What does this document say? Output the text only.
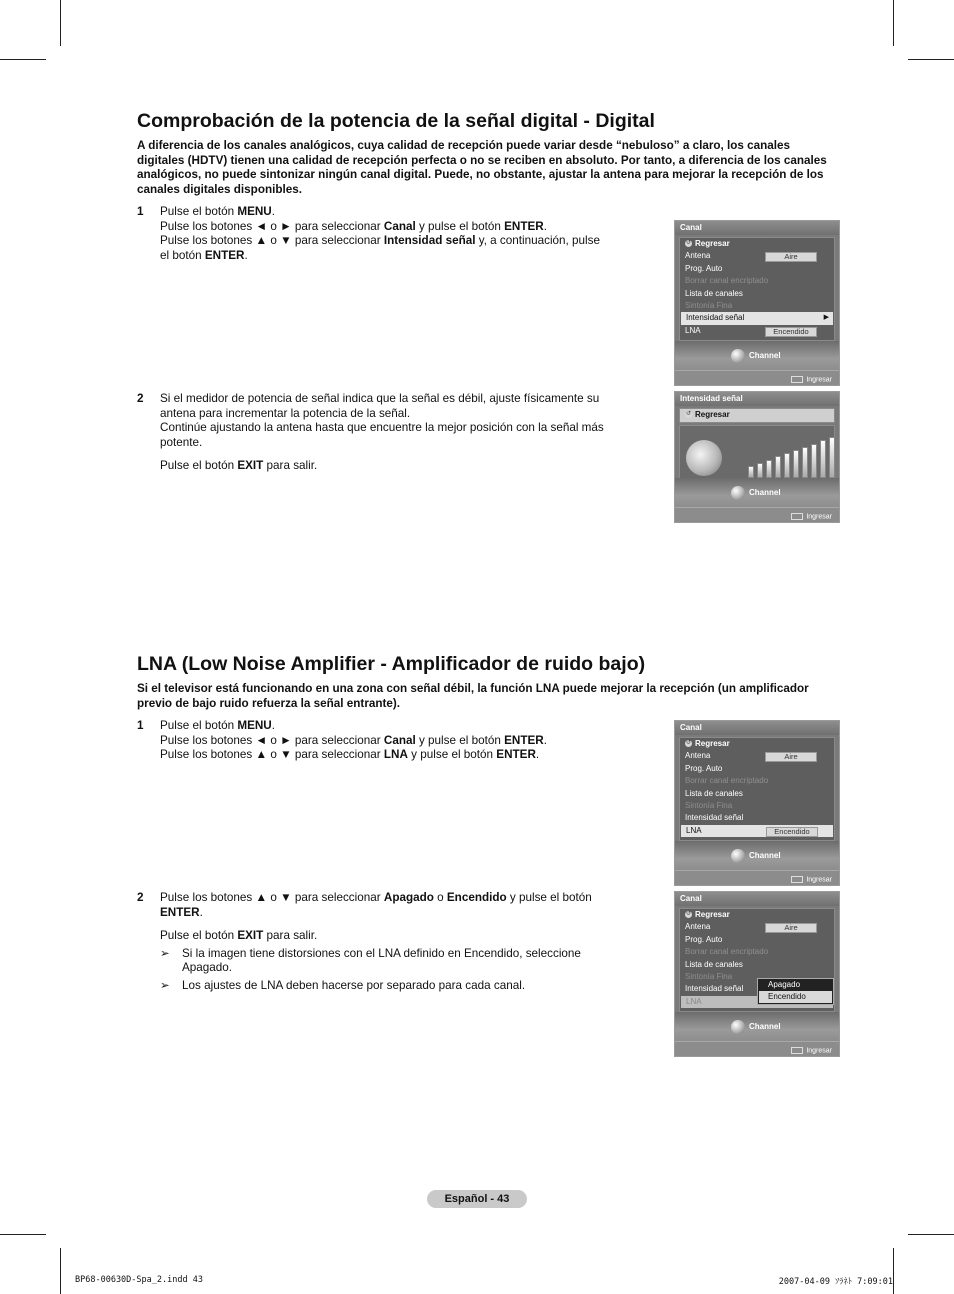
Comprobación de la potencia de la señal digital - Digital

A diferencia de los canales analógicos, cuya calidad de recepción puede variar desde “nebuloso” a claro, los canales digitales (HDTV) tienen una calidad de recepción perfecta o no se reciben en absoluto. Por tanto, a diferencia de los canales analógicos, no puede sintonizar ningún canal digital. Puede, no obstante, ajustar la antena para mejorar la recepción de los canales digitales disponibles.

1 Pulse el botón MENU.

Pulse los botones ◄ o ► para seleccionar Canal y pulse el botón ENTER.

Pulse los botones ▲ o ▼ para seleccionar Intensidad señal y, a continuación, pulse el botón ENTER.

2 Si el medidor de potencia de señal indica que la señal es débil, ajuste físicamente su antena para incrementar la potencia de la señal.

Continúe ajustando la antena hasta que encuentre la mejor posición con la señal más potente.

Pulse el botón EXIT para salir.

Canal
↺ Regresar
Antena	Aire
Prog. Auto
Borrar canal encriptado
Lista de canales
Sintonía Fina
Intensidad señal	▶
LNA	Encendido
Channel
Ingresar
Intensidad señal
↺ Regresar
Channel
Ingresar
LNA (Low Noise Amplifier - Amplificador de ruido bajo)

Si el televisor está funcionando en una zona con señal débil, la función LNA puede mejorar la recepción (un amplificador previo de bajo ruido refuerza la señal entrante).

1 Pulse el botón MENU.

Pulse los botones ◄ o ► para seleccionar Canal y pulse el botón ENTER.

Pulse los botones ▲ o ▼ para seleccionar LNA y pulse el botón ENTER.

2 Pulse los botones ▲ o ▼ para seleccionar Apagado o Encendido y pulse el botón ENTER.

Pulse el botón EXIT para salir.

➢ Si la imagen tiene distorsiones con el LNA definido en Encendido, seleccione Apagado.

➢ Los ajustes de LNA deben hacerse por separado para cada canal.

Canal
↺ Regresar
Antena	Aire
Prog. Auto
Borrar canal encriptado
Lista de canales
Sintonía Fina
Intensidad señal
LNA	Encendido
Channel
Ingresar
Canal
↺ Regresar
Antena	Aire
Prog. Auto
Borrar canal encriptado
Lista de canales
Sintonía Fina
Intensidad señal
LNA
Apagado
Encendido
Channel
Ingresar
Español - 43
BP68-00630D-Spa_2.indd 43	2007-04-09 ｿﾗﾈﾄ 7:09:01
